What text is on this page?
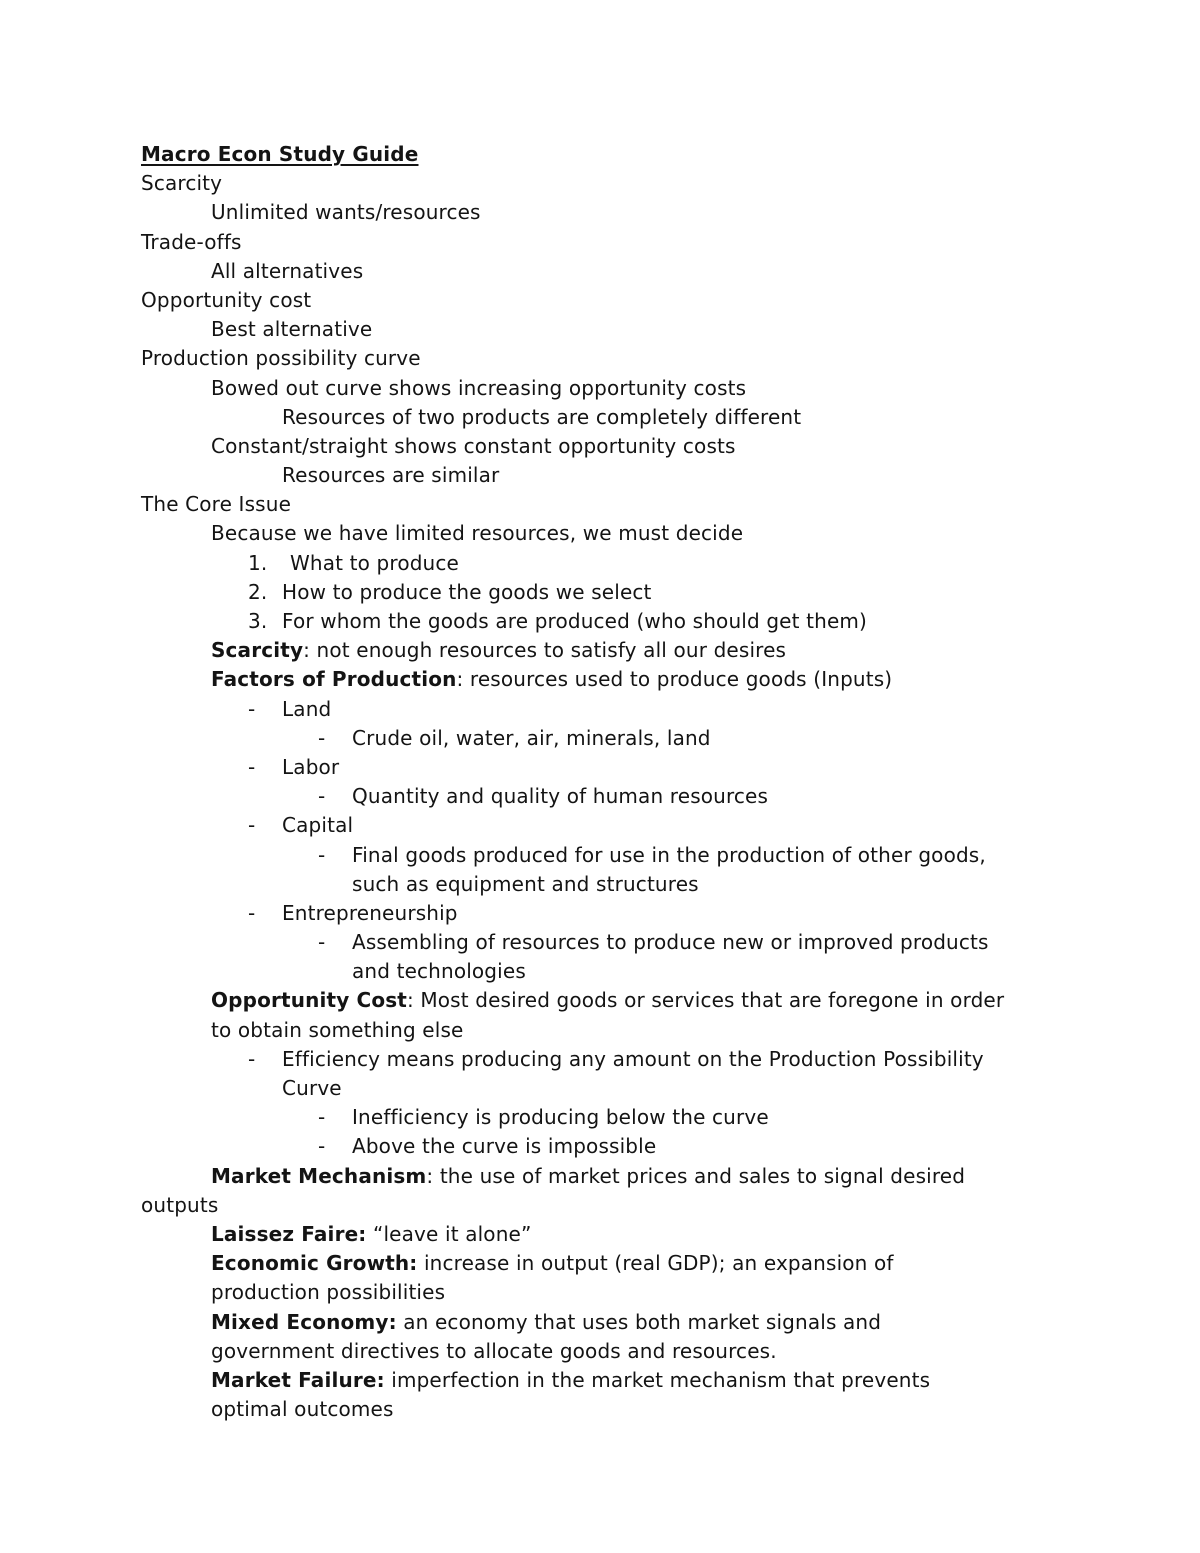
Macro Econ Study Guide
Scarcity
Unlimited wants/resources
Trade-offs
All alternatives
Opportunity cost
Best alternative
Production possibility curve
Bowed out curve shows increasing opportunity costs
Resources of two products are completely different
Constant/straight shows constant opportunity costs
Resources are similar
The Core Issue
Because we have limited resources, we must decide
1. What to produce
2. How to produce the goods we select
3. For whom the goods are produced (who should get them)
Scarcity: not enough resources to satisfy all our desires
Factors of Production: resources used to produce goods (Inputs)
- Land
- Crude oil, water, air, minerals, land
- Labor
- Quantity and quality of human resources
- Capital
- Final goods produced for use in the production of other goods,
such as equipment and structures
- Entrepreneurship
- Assembling of resources to produce new or improved products
and technologies
Opportunity Cost: Most desired goods or services that are foregone in order
to obtain something else
- Efficiency means producing any amount on the Production Possibility
Curve
- Inefficiency is producing below the curve
- Above the curve is impossible
Market Mechanism: the use of market prices and sales to signal desired
outputs
Laissez Faire: “leave it alone”
Economic Growth: increase in output (real GDP); an expansion of
production possibilities
Mixed Economy: an economy that uses both market signals and
government directives to allocate goods and resources.
Market Failure: imperfection in the market mechanism that prevents
optimal outcomes
